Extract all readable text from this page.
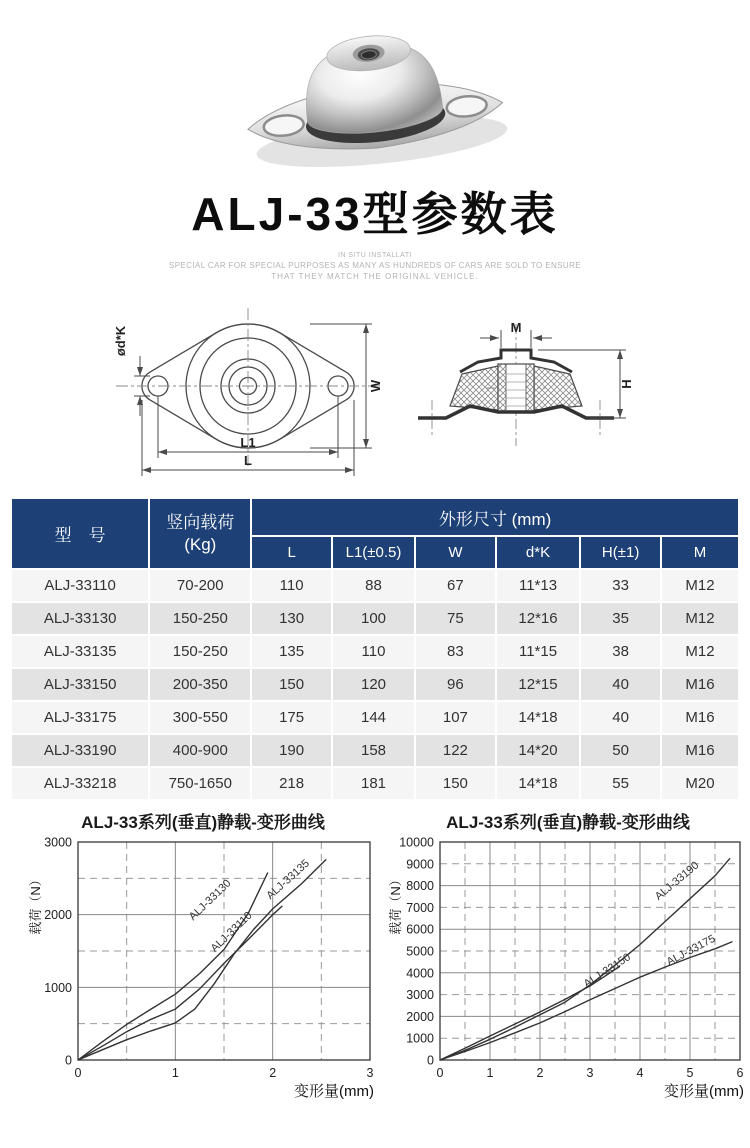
ALJ-33型参数表
IN SITU INSTALLATI
SPECIAL CAR FOR SPECIAL PURPOSES AS MANY AS HUNDREDS OF CARS ARE SOLD TO ENSURE
THAT THEY MATCH THE ORIGINAL VEHICLE.
ød*K
W
L1
L
M
H
型　号	竖向载荷
(Kg)	外形尺寸 (mm)					
		L	L1(±0.5)	W	d*K	H(±1)	M
ALJ-33110	70-200	110	88	67	11*13	33	M12
ALJ-33130	150-250	130	100	75	12*16	35	M12
ALJ-33135	150-250	135	110	83	11*15	38	M12
ALJ-33150	200-350	150	120	96	12*15	40	M16
ALJ-33175	300-550	175	144	107	14*18	40	M16
ALJ-33190	400-900	190	158	122	14*20	50	M16
ALJ-33218	750-1650	218	181	150	14*18	55	M20
ALJ-33系列(垂直)静载-变形曲线
ALJ-33110
ALJ-33130	ALJ-33135
0	1	2	3
0
1000
2000
3000
变形量(mm)
载荷（N）
ALJ-33系列(垂直)静载-变形曲线
ALJ-33150
ALJ-33175
ALJ-33190
0	1	2	3	4	5	6
0
1000
2000
3000
4000
5000
6000
7000
8000
9000
10000
变形量(mm)
载荷（N）
